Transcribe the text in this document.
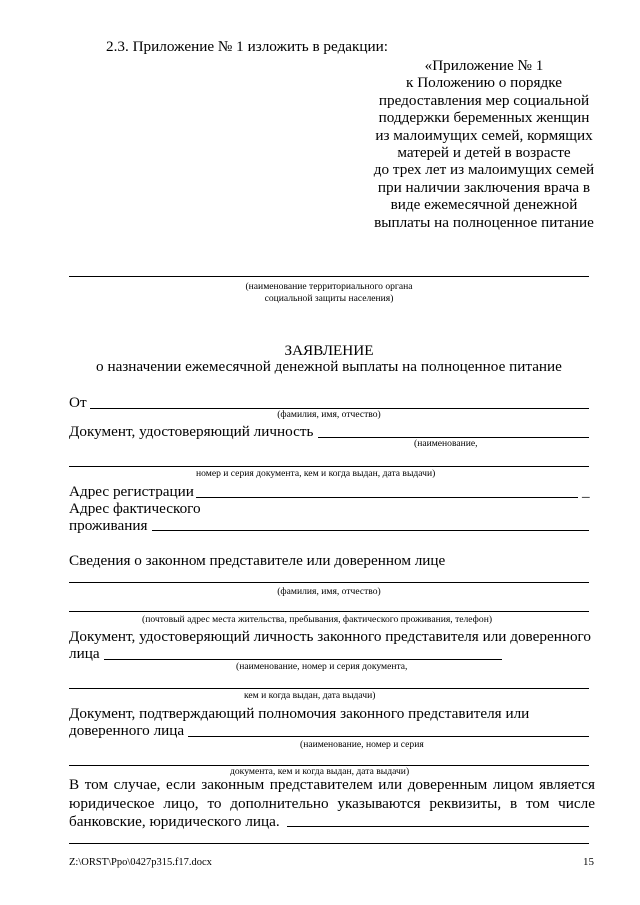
2.3. Приложение № 1 изложить в редакции:
«Приложение № 1
к Положению о порядке
предоставления мер социальной
поддержки беременных женщин
из малоимущих семей, кормящих
матерей и детей в возрасте
до трех лет из малоимущих семей
при наличии заключения врача в
виде ежемесячной денежной
выплаты на полноценное питание
(наименование территориального органа
социальной защиты населения)
ЗАЯВЛЕНИЕ
о назначении ежемесячной денежной выплаты на полноценное питание
От
(фамилия, имя, отчество)
Документ, удостоверяющий личность
(наименование,
номер и серия документа, кем и когда выдан, дата выдачи)
Адрес регистрации	_
Адрес фактического
проживания
Сведения о законном представителе или доверенном лице
(фамилия, имя, отчество)
(почтовый адрес места жительства, пребывания, фактического проживания, телефон)
Документ, удостоверяющий личность законного представителя или доверенного
лица
(наименование, номер и серия документа,
кем и когда выдан, дата выдачи)
Документ, подтверждающий полномочия законного представителя или
доверенного лица
(наименование, номер и серия
документа, кем и когда выдан, дата выдачи)
В том случае, если законным представителем или доверенным лицом является юридическое лицо, то дополнительно указываются реквизиты, в том числе банковские, юридического лица.
Z:\ORST\Ppo\0427p315.f17.docx	15
